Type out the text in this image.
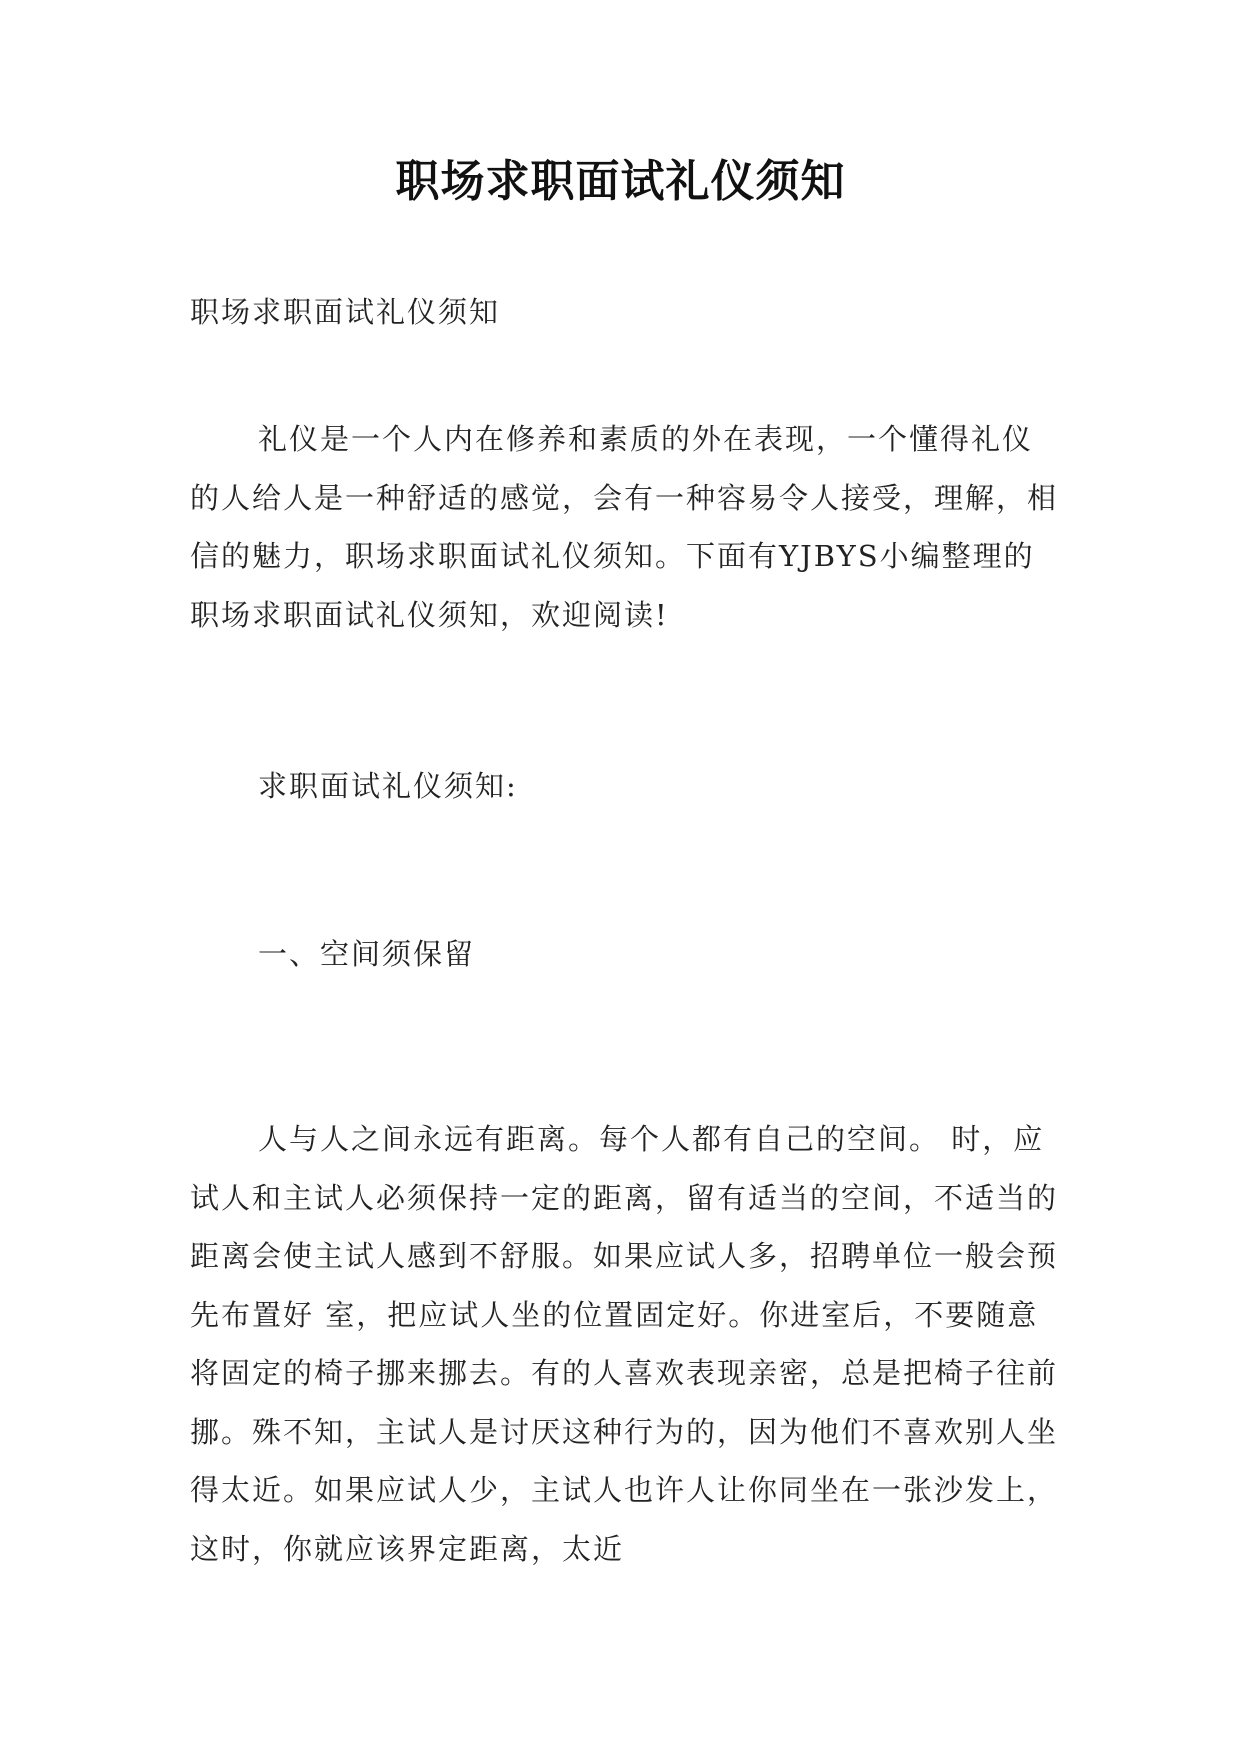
职场求职面试礼仪须知

职场求职面试礼仪须知

礼仪是一个人内在修养和素质的外在表现，一个懂得礼仪的人给人是一种舒适的感觉，会有一种容易令人接受，理解，相信的魅力，职场求职面试礼仪须知。下面有YJBYS小编整理的职场求职面试礼仪须知，欢迎阅读!

求职面试礼仪须知:

一、空间须保留

人与人之间永远有距离。每个人都有自己的空间。 时，应试人和主试人必须保持一定的距离，留有适当的空间，不适当的距离会使主试人感到不舒服。如果应试人多，招聘单位一般会预先布置好 室，把应试人坐的位置固定好。你进室后，不要随意将固定的椅子挪来挪去。有的人喜欢表现亲密，总是把椅子往前挪。殊不知，主试人是讨厌这种行为的，因为他们不喜欢别人坐得太近。如果应试人少，主试人也许人让你同坐在一张沙发上，这时，你就应该界定距离，太近
